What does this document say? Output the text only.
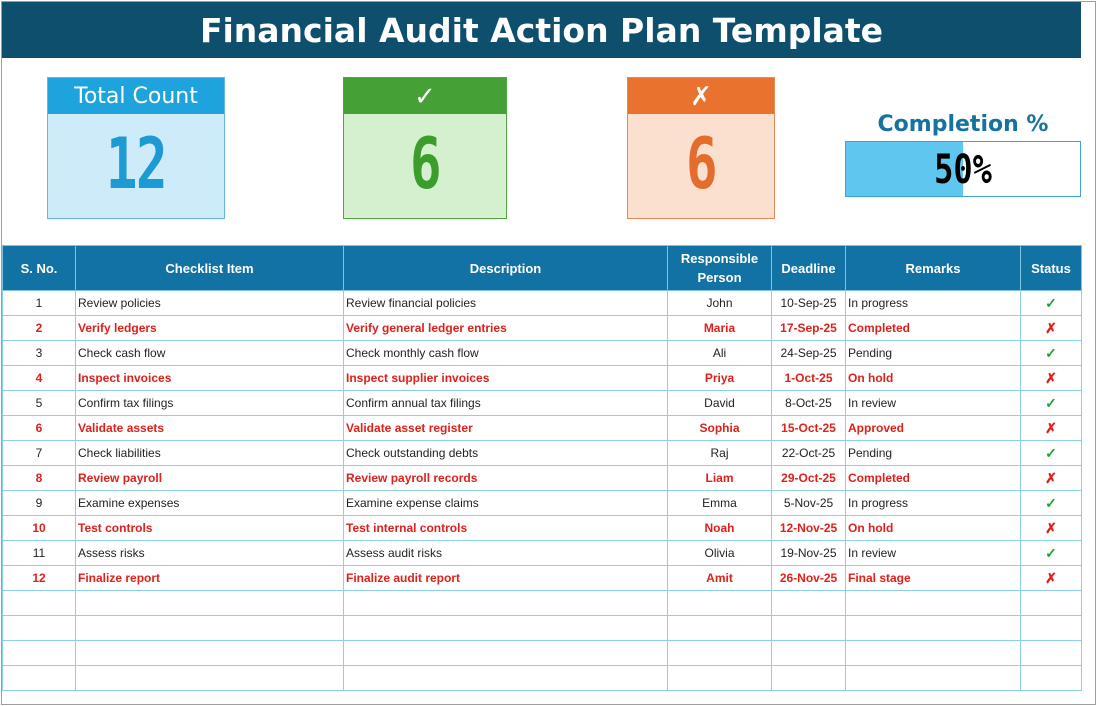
Financial Audit Action Plan Template
Total Count
12
✓
6
✗
6	Completion %
50%
S. No.	Checklist Item	Description	Responsible Person	Deadline	Remarks	Status
1	Review policies	Review financial policies	John	10-Sep-25	In progress	✓
2	Verify ledgers	Verify general ledger entries	Maria	17-Sep-25	Completed	✗
3	Check cash flow	Check monthly cash flow	Ali	24-Sep-25	Pending	✓
4	Inspect invoices	Inspect supplier invoices	Priya	1-Oct-25	On hold	✗
5	Confirm tax filings	Confirm annual tax filings	David	8-Oct-25	In review	✓
6	Validate assets	Validate asset register	Sophia	15-Oct-25	Approved	✗
7	Check liabilities	Check outstanding debts	Raj	22-Oct-25	Pending	✓
8	Review payroll	Review payroll records	Liam	29-Oct-25	Completed	✗
9	Examine expenses	Examine expense claims	Emma	5-Nov-25	In progress	✓
10	Test controls	Test internal controls	Noah	12-Nov-25	On hold	✗
11	Assess risks	Assess audit risks	Olivia	19-Nov-25	In review	✓
12	Finalize report	Finalize audit report	Amit	26-Nov-25	Final stage	✗
